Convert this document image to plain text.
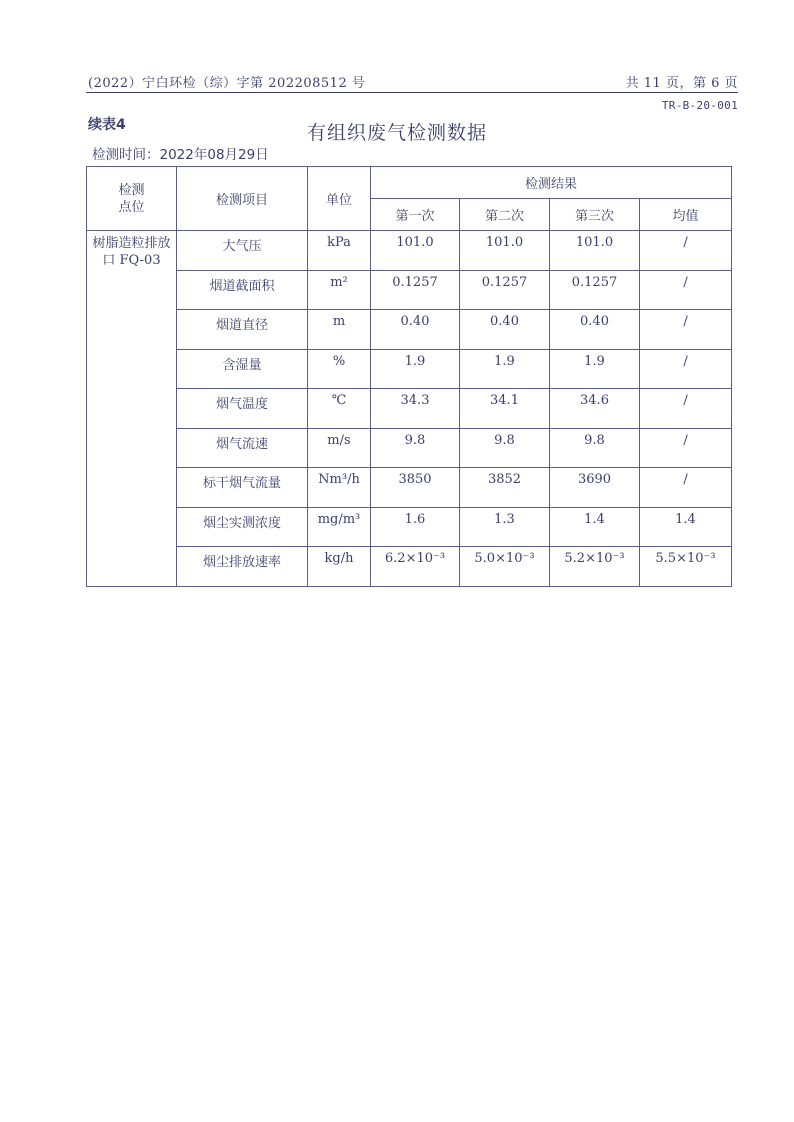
(2022）宁白环检（综）字第 202208512 号	共 11 页，第 6 页
TR-B-20-001
续表4	有组织废气检测数据
检测时间：2022年08月29日
检测
点位	检测项目	单位	检测结果			
			第一次	第二次	第三次	均值
树脂造粒排放口 FQ-03	大气压	kPa	101.0	101.0	101.0	/
	烟道截面积	m²	0.1257	0.1257	0.1257	/
	烟道直径	m	0.40	0.40	0.40	/
	含湿量	%	1.9	1.9	1.9	/
	烟气温度	℃	34.3	34.1	34.6	/
	烟气流速	m/s	9.8	9.8	9.8	/
	标干烟气流量	Nm³/h	3850	3852	3690	/
	烟尘实测浓度	mg/m³	1.6	1.3	1.4	1.4
	烟尘排放速率	kg/h	6.2×10⁻³	5.0×10⁻³	5.2×10⁻³	5.5×10⁻³
